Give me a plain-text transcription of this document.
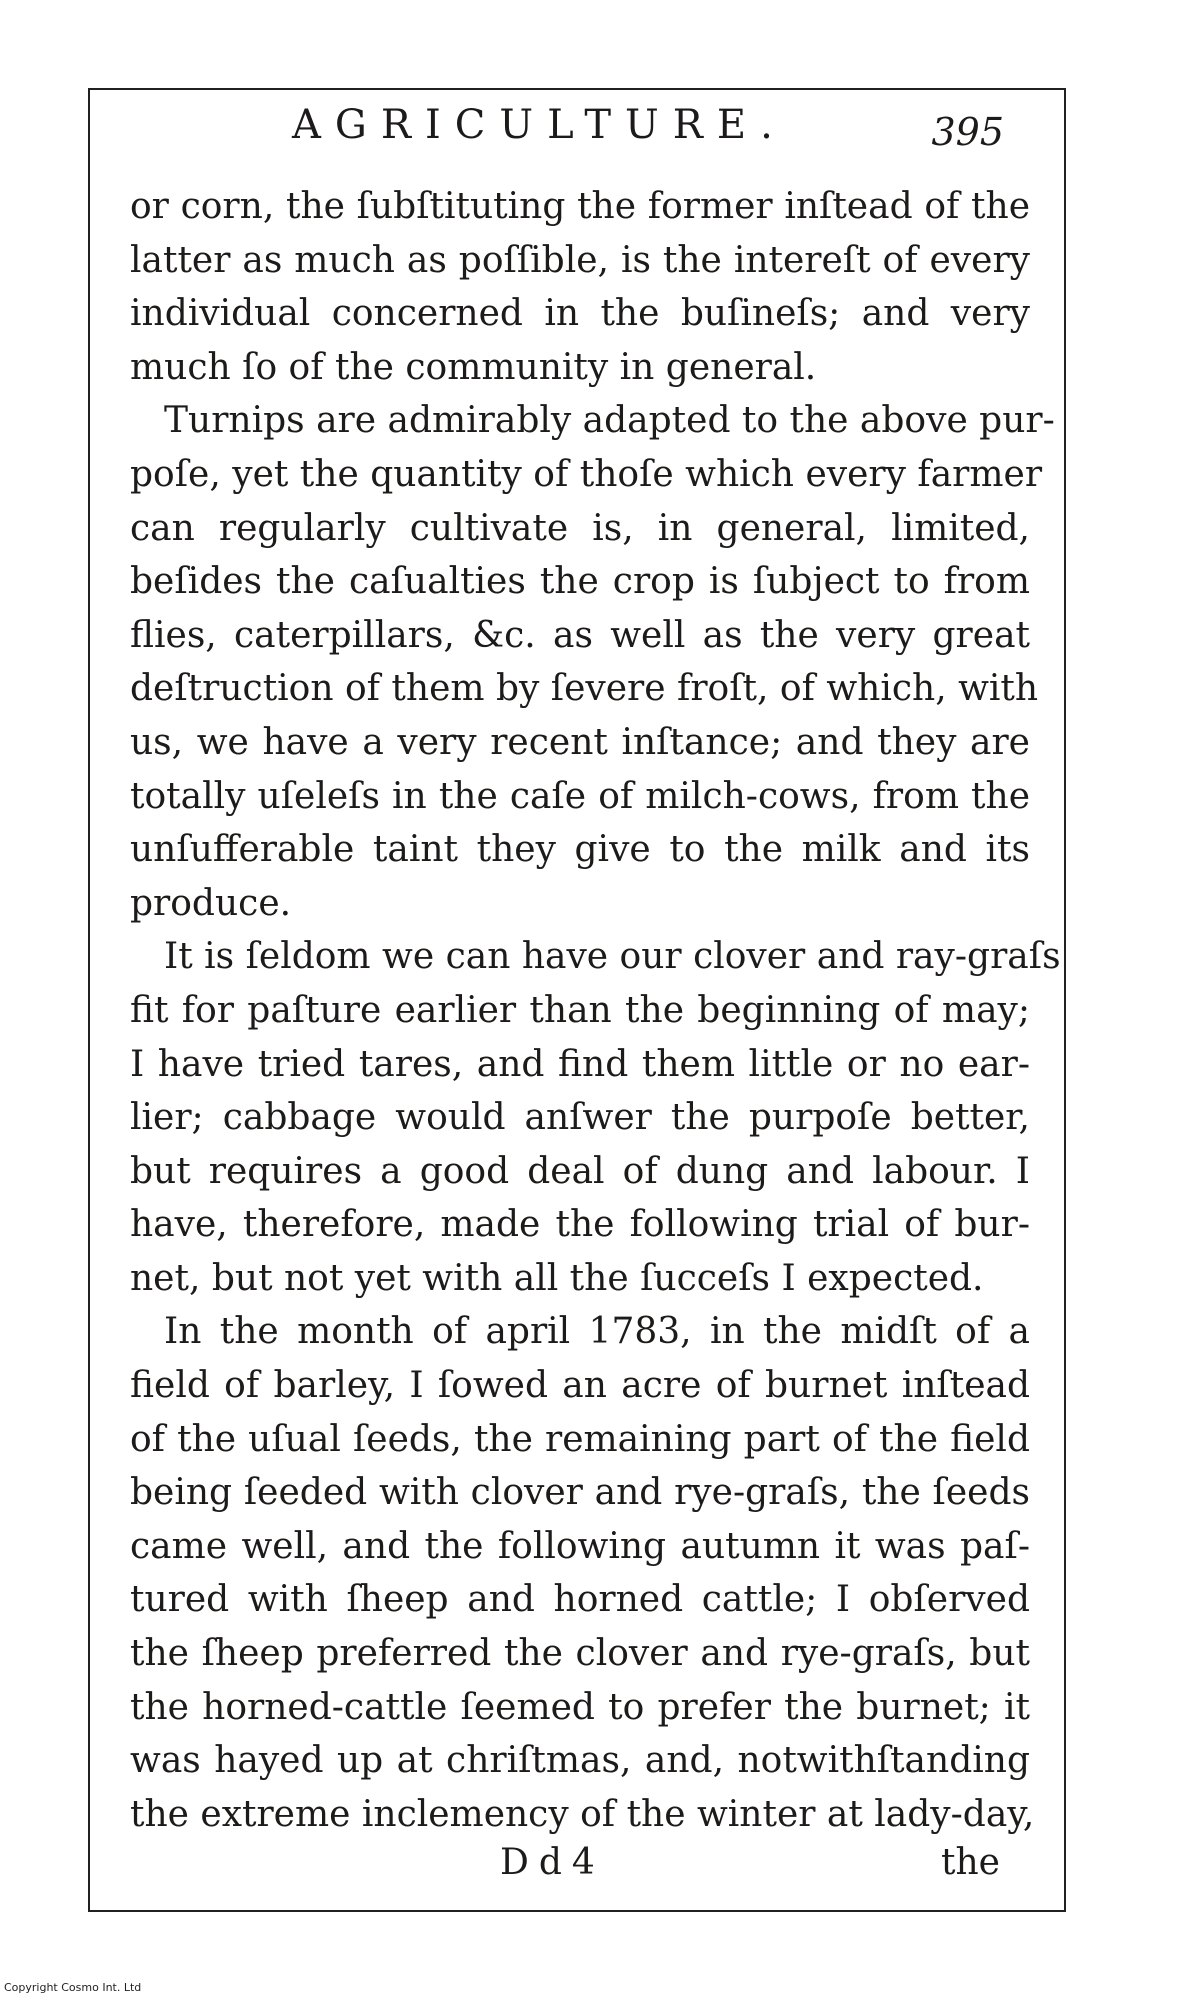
AGRICULTURE.	395
or corn, the ſubſtituting the former inſtead of the
latter as much as poſſible, is the intereſt of every
individual concerned in the buſineſs; and very
much ſo of the community in general.
Turnips are admirably adapted to the above pur-
poſe, yet the quantity of thoſe which every farmer
can regularly cultivate is, in general, limited,
beſides the caſualties the crop is ſubject to from
flies, caterpillars, &c. as well as the very great
deſtruction of them by ſevere froſt, of which, with
us, we have a very recent inſtance; and they are
totally uſeleſs in the caſe of milch-cows, from the
unſufferable taint they give to the milk and its
produce.
It is ſeldom we can have our clover and ray-graſs
fit for paſture earlier than the beginning of may;
I have tried tares, and find them little or no ear-
lier; cabbage would anſwer the purpoſe better,
but requires a good deal of dung and labour. I
have, therefore, made the following trial of bur-
net, but not yet with all the ſucceſs I expected.
In the month of april 1783, in the midſt of a
field of barley, I ſowed an acre of burnet inſtead
of the uſual ſeeds, the remaining part of the field
being ſeeded with clover and rye-graſs, the ſeeds
came well, and the following autumn it was paſ-
tured with ſheep and horned cattle; I obſerved
the ſheep preferred the clover and rye-graſs, but
the horned-cattle ſeemed to prefer the burnet; it
was hayed up at chriſtmas, and, notwithſtanding
the extreme inclemency of the winter at lady-day,
Dd4	the
Copyright Cosmo Int. Ltd
